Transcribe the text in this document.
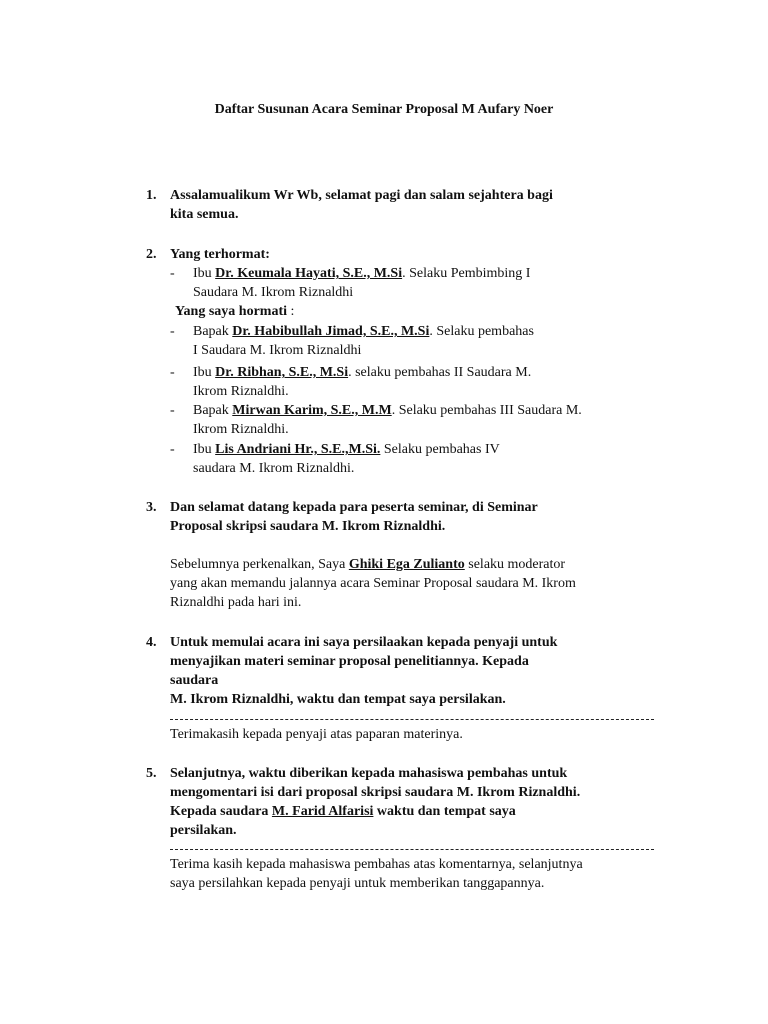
Daftar Susunan Acara Seminar Proposal M Aufary Noer
1. Assalamualikum Wr Wb, selamat pagi dan salam sejahtera bagi
kita semua.
2. Yang terhormat:
- Ibu Dr. Keumala Hayati, S.E., M.Si. Selaku Pembimbing I
Saudara M. Ikrom Riznaldhi
Yang saya hormati :
- Bapak Dr. Habibullah Jimad, S.E., M.Si. Selaku pembahas
I Saudara M. Ikrom Riznaldhi
- Ibu Dr. Ribhan, S.E., M.Si. selaku pembahas II Saudara M.
Ikrom Riznaldhi.
- Bapak Mirwan Karim, S.E., M.M. Selaku pembahas III Saudara M.
Ikrom Riznaldhi.
- Ibu Lis Andriani Hr., S.E.,M.Si. Selaku pembahas IV
saudara M. Ikrom Riznaldhi.
3. Dan selamat datang kepada para peserta seminar, di Seminar
Proposal skripsi saudara M. Ikrom Riznaldhi.
Sebelumnya perkenalkan, Saya Ghiki Ega Zulianto selaku moderator
yang akan memandu jalannya acara Seminar Proposal saudara M. Ikrom
Riznaldhi pada hari ini.
4. Untuk memulai acara ini saya persilaakan kepada penyaji untuk
menyajikan materi seminar proposal penelitiannya. Kepada
saudara
M. Ikrom Riznaldhi, waktu dan tempat saya persilakan.
Terimakasih kepada penyaji atas paparan materinya.
5. Selanjutnya, waktu diberikan kepada mahasiswa pembahas untuk
mengomentari isi dari proposal skripsi saudara M. Ikrom Riznaldhi.
Kepada saudara M. Farid Alfarisi waktu dan tempat saya
persilakan.
Terima kasih kepada mahasiswa pembahas atas komentarnya, selanjutnya
saya persilahkan kepada penyaji untuk memberikan tanggapannya.
